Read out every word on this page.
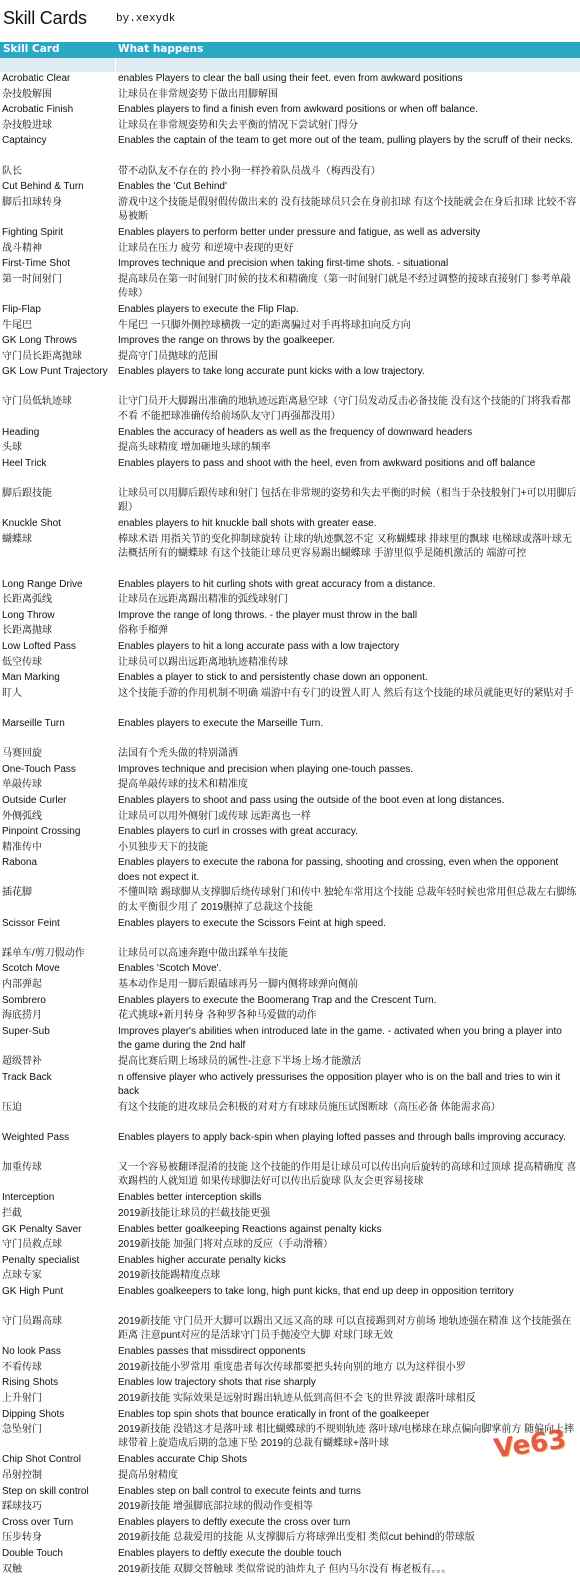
Skill Cards	by.xexydk
Skill Card	What happens
Acrobatic Clear	enables Players to clear the ball using their feet. even from awkward positions
杂技般解围	让球员在非常规姿势下做出用脚解围
Acrobatic Finish	Enables players to find a finish even from awkward positions or when off balance.
杂技般进球	让球员在非常规姿势和失去平衡的情况下尝试射门得分
Captaincy	Enables the captain of the team to get more out of the team, pulling players by the scruff of their necks.
队长	带不动队友不存在的 拎小狗一样拎着队员战斗（梅西没有）
Cut Behind & Turn	Enables the 'Cut Behind'
脚后扣球转身	游戏中这个技能是假射假传做出来的 没有技能球员只会在身前扣球 有这个技能就会在身后扣球 比较不容易被断
Fighting Spirit	Enables players to perform better under pressure and fatigue, as well as adversity
战斗精神	让球员在压力 疲劳 和逆境中表现的更好
First-Time Shot	Improves technique and precision when taking first-time shots. - situational
第一时间射门	提高球员在第一时间射门时候的技术和精确度（第一时间射门就是不经过调整的接球直接射门 参考单敲传球）
Flip-Flap	Enables players to execute the Flip Flap.
牛尾巴	牛尾巴 一只脚外侧控球横拨一定的距离骗过对手再将球扣向反方向
GK Long Throws	Improves the range on throws by the goalkeeper.
守门员长距离抛球	提高守门员抛球的范围
GK Low Punt Trajectory	Enables players to take long accurate punt kicks with a low trajectory.
守门员低轨迹球	让守门员开大脚踢出准确的地轨迹远距离悬空球（守门员发动反击必备技能 没有这个技能的门将我看都不看 不能把球准确传给前场队友守门再强都没用）
Heading	Enables the accuracy of headers as well as the frequency of downward headers
头球	提高头球精度 增加砸地头球的频率
Heel Trick	Enables players to pass and shoot with the heel, even from awkward positions and off balance
脚后跟技能	让球员可以用脚后跟传球和射门 包括在非常规的姿势和失去平衡的时候（相当于杂技般射门+可以用脚后跟）
Knuckle Shot	enables players to hit knuckle ball shots with greater ease.
蝴蝶球	棒球术语 用指关节的变化抑制球旋转 让球的轨迹飘忽不定 又称蝴蝶球 排球里的飘球 电梯球或落叶球无法概括所有的蝴蝶球 有这个技能让球员更容易踢出蝴蝶球 手游里似乎是随机激活的 端游可控
Long Range Drive	Enables players to hit curling shots with great accuracy from a distance.
长距离弧线	让球员在远距离踢出精准的弧线球射门
Long Throw	Improve the range of long throws. - the player must throw in the ball
长距离抛球	俗称手榴弹
Low Lofted Pass	Enables players to hit a long accurate pass with a low trajectory
低空传球	让球员可以踢出远距离地轨迹精准传球
Man Marking	Enables a player to stick to and persistently chase down an opponent.
盯人	这个技能手游的作用机制不明确 端游中有专门的设置人盯人 然后有这个技能的球员就能更好的紧贴对手
Marseille Turn	Enables players to execute the Marseille Turn.
马赛回旋	法国有个秃头做的特别潇洒
One-Touch Pass	Improves technique and precision when playing one-touch passes.
单敲传球	提高单敲传球的技术和精准度
Outside Curler	Enables players to shoot and pass using the outside of the boot even at long distances.
外侧弧线	让球员可以用外侧射门或传球 远距离也一样
Pinpoint Crossing	Enables players to curl in crosses with great accuracy.
精准传中	小贝独步天下的技能
Rabona	Enables players to execute the rabona for passing, shooting and crossing, even when the opponent does not expect it.
插花脚	不懂叫啥 踢球脚从支撑脚后绕传球射门和传中 独轮车常用这个技能 总裁年轻时候也常用但总裁左右脚练的太平衡很少用了 2019删掉了总裁这个技能
Scissor Feint	Enables players to execute the Scissors Feint at high speed.
踩单车/剪刀假动作	让球员可以高速奔跑中做出踩单车技能
Scotch Move	Enables 'Scotch Move'.
内部弹起	基本动作是用一脚后跟磕球再另一脚内侧将球弹向侧前
Sombrero	Enables players to execute the Boomerang Trap and the Crescent Turn.
海底捞月	花式挑球+新月转身 各种罗各种马爱做的动作
Super-Sub	Improves player's abilities when introduced late in the game. - activated when you bring a player into the game during the 2nd half
超级替补	提高比赛后期上场球员的属性-注意下半场上场才能激活
Track Back	n offensive player who actively pressurises the opposition player who is on the ball and tries to win it back
压迫	有这个技能的进攻球员会积极的对对方有球球员施压试图断球（高压必备 体能需求高）
Weighted Pass	Enables players to apply back-spin when playing lofted passes and through balls improving accuracy.
加重传球	又一个容易被翻译混淆的技能 这个技能的作用是让球员可以传出向后旋转的高球和过顶球 提高精确度 喜欢踢档的人就知道 如果传球脚法好可以传出后旋球 队友会更容易接球
Interception	Enables better interception skills
拦截	2019新技能让球员的拦截技能更强
GK Penalty Saver	Enables better goalkeeping Reactions against penalty kicks
守门员救点球	2019新技能 加强门将对点球的反应（手动滑稽）
Penalty specialist	Enables higher accurate penalty kicks
点球专家	2019新技能踢精度点球
GK High Punt	Enables goalkeepers to take long, high punt kicks, that end up deep in opposition territory
守门员踢高球	2019新技能 守门员开大脚可以踢出又远又高的球 可以直接踢到对方前场 地轨迹强在精准 这个技能强在距离 注意punt对应的是活球守门员手抛凌空大脚 对球门球无效
No look Pass	Enables passes that missdirect opponents
不看传球	2019新技能小罗常用 重度患者每次传球都要把头转向别的地方 以为这样很小罗
Rising Shots	Enables low trajectory shots that rise sharply
上升射门	2019新技能 实际效果是远射时踢出轨迹从低到高但不会飞的世界波 跟落叶球相反
Dipping Shots	Enables top spin shots that bounce eratically in front of the goalkeeper
急坠射门	2019新技能 没错这才是落叶球 相比蝴蝶球的不规则轨迹 落叶球/电梯球在球点偏向脚掌前方 随偏向上摔 球带着上旋造成后期的急速下坠 2019的总裁有蝴蝶球+落叶球
Chip Shot Control	Enables accurate Chip Shots
吊射控制	提高吊射精度
Step on skill control	Enables step on ball control to execute feints and turns
踩球技巧	2019新技能 增强脚底部拉球的假动作变相等
Cross over Turn	Enables players to deftly execute the cross over turn
压步转身	2019新技能 总裁爱用的技能 从支撑脚后方将球弹出变相 类似cut behind的带球版
Double Touch	Enables players to deftly execute the double touch
双触	2019新技能 双脚交替触球 类似常说的油炸丸子 但内马尔没有 梅老板有。。。
Ve63
